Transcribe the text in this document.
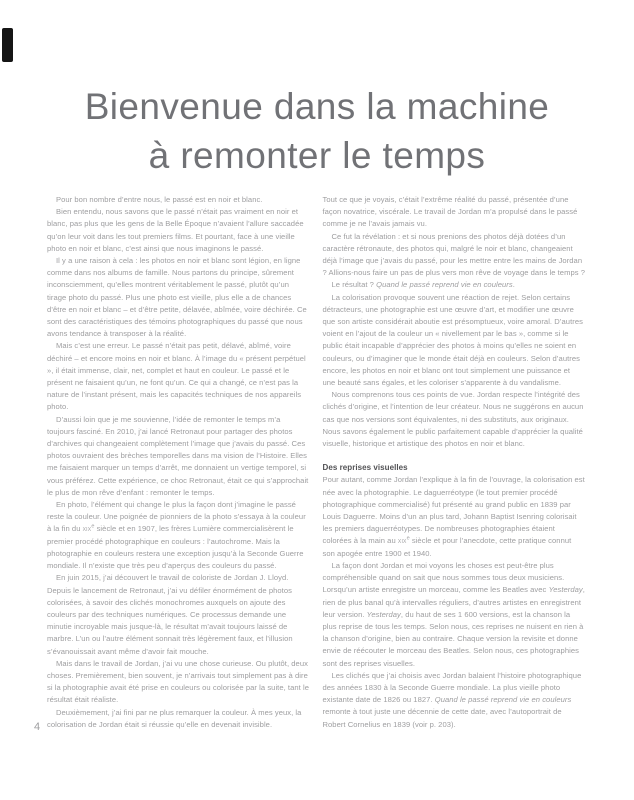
Bienvenue dans la machine
à remonter le temps

Pour bon nombre d’entre nous, le passé est en noir et blanc.

Bien entendu, nous savons que le passé n’était pas vraiment en noir et blanc, pas plus que les gens de la Belle Époque n’avaient l’allure saccadée qu’on leur voit dans les tout premiers films. Et pourtant, face à une vieille photo en noir et blanc, c’est ainsi que nous imaginons le passé.

Il y a une raison à cela : les photos en noir et blanc sont légion, en ligne comme dans nos albums de famille. Nous partons du principe, sûrement inconsciemment, qu’elles montrent véritablement le passé, plutôt qu’un tirage photo du passé. Plus une photo est vieille, plus elle a de chances d’être en noir et blanc – et d’être petite, délavée, abîmée, voire déchirée. Ce sont des caractéristiques des témoins photographiques du passé que nous avons tendance à transposer à la réalité.

Mais c’est une erreur. Le passé n’était pas petit, délavé, abîmé, voire déchiré – et encore moins en noir et blanc. À l’image du « présent perpétuel », il était immense, clair, net, complet et haut en couleur. Le passé et le présent ne faisaient qu’un, ne font qu’un. Ce qui a changé, ce n’est pas la nature de l’instant présent, mais les capacités techniques de nos appareils photo.

D’aussi loin que je me souvienne, l’idée de remonter le temps m’a toujours fasciné. En 2010, j’ai lancé Retronaut pour partager des photos d’archives qui changeaient complètement l’image que j’avais du passé. Ces photos ouvraient des brèches temporelles dans ma vision de l’Histoire. Elles me faisaient marquer un temps d’arrêt, me donnaient un vertige temporel, si vous préférez. Cette expérience, ce choc Retronaut, était ce qui s’approchait le plus de mon rêve d’enfant : remonter le temps.

En photo, l’élément qui change le plus la façon dont j’imagine le passé reste la couleur. Une poignée de pionniers de la photo s’essaya à la couleur à la fin du xix$^e$ siècle et en 1907, les frères Lumière commercialisèrent le premier procédé photographique en couleurs : l’autochrome. Mais la photographie en couleurs restera une exception jusqu’à la Seconde Guerre mondiale. Il n’existe que très peu d’aperçus des couleurs du passé.

En juin 2015, j’ai découvert le travail de coloriste de Jordan J. Lloyd. Depuis le lancement de Retronaut, j’ai vu défiler énormément de photos colorisées, à savoir des clichés monochromes auxquels on ajoute des couleurs par des techniques numériques. Ce processus demande une minutie incroyable mais jusque-là, le résultat m’avait toujours laissé de marbre. L’un ou l’autre élément sonnait très légèrement faux, et l’illusion s’évanouissait avant même d’avoir fait mouche.

Mais dans le travail de Jordan, j’ai vu une chose curieuse. Ou plutôt, deux choses. Premièrement, bien souvent, je n’arrivais tout simplement pas à dire si la photographie avait été prise en couleurs ou colorisée par la suite, tant le résultat était réaliste.

Deuxièmement, j’ai fini par ne plus remarquer la couleur. À mes yeux, la colorisation de Jordan était si réussie qu’elle en devenait invisible.

Tout ce que je voyais, c’était l’extrême réalité du passé, présentée d’une façon novatrice, viscérale. Le travail de Jordan m’a propulsé dans le passé comme je ne l’avais jamais vu.

Ce fut la révélation : et si nous prenions des photos déjà dotées d’un caractère rétronaute, des photos qui, malgré le noir et blanc, changeaient déjà l’image que j’avais du passé, pour les mettre entre les mains de Jordan ? Allions-nous faire un pas de plus vers mon rêve de voyage dans le temps ?

Le résultat ? Quand le passé reprend vie en couleurs.

La colorisation provoque souvent une réaction de rejet. Selon certains détracteurs, une photographie est une œuvre d’art, et modifier une œuvre que son artiste considérait aboutie est présomptueux, voire amoral. D’autres voient en l’ajout de la couleur un « nivellement par le bas », comme si le public était incapable d’apprécier des photos à moins qu’elles ne soient en couleurs, ou d’imaginer que le monde était déjà en couleurs. Selon d’autres encore, les photos en noir et blanc ont tout simplement une puissance et une beauté sans égales, et les coloriser s’apparente à du vandalisme.

Nous comprenons tous ces points de vue. Jordan respecte l’intégrité des clichés d’origine, et l’intention de leur créateur. Nous ne suggérons en aucun cas que nos versions sont équivalentes, ni des substituts, aux originaux. Nous savons également le public parfaitement capable d’apprécier la qualité visuelle, historique et artistique des photos en noir et blanc.

Des reprises visuelles

Pour autant, comme Jordan l’explique à la fin de l’ouvrage, la colorisation est née avec la photographie. Le daguerréotype (le tout premier procédé photographique commercialisé) fut présenté au grand public en 1839 par Louis Daguerre. Moins d’un an plus tard, Johann Baptist Isenring colorisait les premiers daguerréotypes. De nombreuses photographies étaient colorées à la main au xix$^e$ siècle et pour l’anecdote, cette pratique connut son apogée entre 1900 et 1940.

La façon dont Jordan et moi voyons les choses est peut-être plus compréhensible quand on sait que nous sommes tous deux musiciens. Lorsqu’un artiste enregistre un morceau, comme les Beatles avec Yesterday, rien de plus banal qu’à intervalles réguliers, d’autres artistes en enregistrent leur version. Yesterday, du haut de ses 1 600 versions, est la chanson la plus reprise de tous les temps. Selon nous, ces reprises ne nuisent en rien à la chanson d’origine, bien au contraire. Chaque version la revisite et donne envie de réécouter le morceau des Beatles. Selon nous, ces photographies sont des reprises visuelles.

Les clichés que j’ai choisis avec Jordan balaient l’histoire photographique des années 1830 à la Seconde Guerre mondiale. La plus vieille photo existante date de 1826 ou 1827. Quand le passé reprend vie en couleurs remonte à tout juste une décennie de cette date, avec l’autoportrait de Robert Cornelius en 1839 (voir p. 203).

4
